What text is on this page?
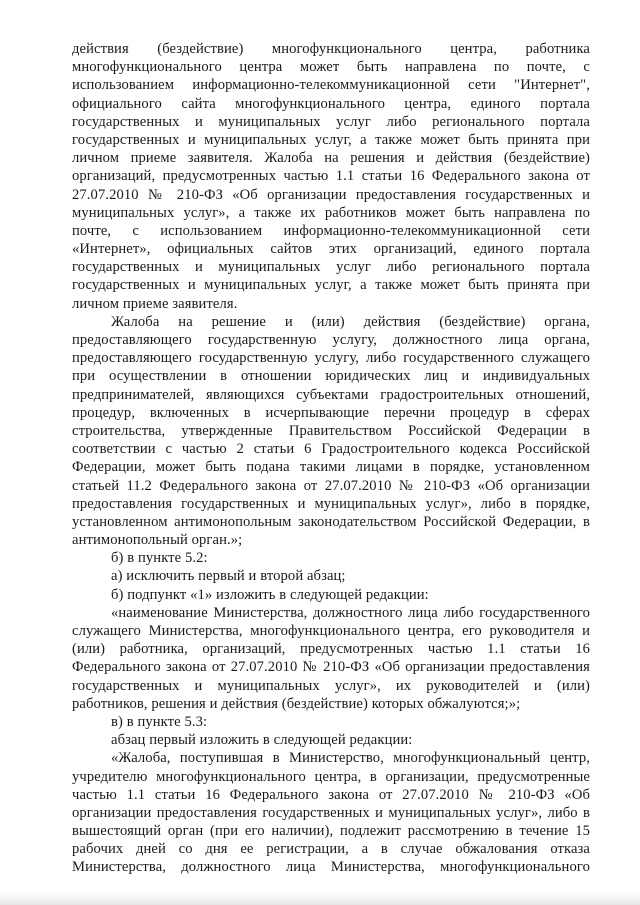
действия (бездействие) многофункционального центра, работника
многофункционального центра может быть направлена по почте, с
использованием информационно-телекоммуникационной сети "Интернет",
официального сайта многофункционального центра, единого портала
государственных и муниципальных услуг либо регионального портала
государственных и муниципальных услуг, а также может быть принята при
личном приеме заявителя. Жалоба на решения и действия (бездействие)
организаций, предусмотренных частью 1.1 статьи 16 Федерального закона от
27.07.2010 № 210-ФЗ «Об организации предоставления государственных и
муниципальных услуг», а также их работников может быть направлена по
почте, с использованием информационно-телекоммуникационной сети
«Интернет», официальных сайтов этих организаций, единого портала
государственных и муниципальных услуг либо регионального портала
государственных и муниципальных услуг, а также может быть принята при
личном приеме заявителя.
Жалоба на решение и (или) действия (бездействие) органа,
предоставляющего государственную услугу, должностного лица органа,
предоставляющего государственную услугу, либо государственного служащего
при осуществлении в отношении юридических лиц и индивидуальных
предпринимателей, являющихся субъектами градостроительных отношений,
процедур, включенных в исчерпывающие перечни процедур в сферах
строительства, утвержденные Правительством Российской Федерации в
соответствии с частью 2 статьи 6 Градостроительного кодекса Российской
Федерации, может быть подана такими лицами в порядке, установленном
статьей 11.2 Федерального закона от 27.07.2010 № 210-ФЗ «Об организации
предоставления государственных и муниципальных услуг», либо в порядке,
установленном антимонопольным законодательством Российской Федерации, в
антимонопольный орган.»;
б) в пункте 5.2:
а) исключить первый и второй абзац;
б) подпункт «1» изложить в следующей редакции:
«наименование Министерства, должностного лица либо государственного
служащего Министерства, многофункционального центра, его руководителя и
(или) работника, организаций, предусмотренных частью 1.1 статьи 16
Федерального закона от 27.07.2010 № 210-ФЗ «Об организации предоставления
государственных и муниципальных услуг», их руководителей и (или)
работников, решения и действия (бездействие) которых обжалуются;»;
в) в пункте 5.3:
абзац первый изложить в следующей редакции:
«Жалоба, поступившая в Министерство, многофункциональный центр,
учредителю многофункционального центра, в организации, предусмотренные
частью 1.1 статьи 16 Федерального закона от 27.07.2010 № 210-ФЗ «Об
организации предоставления государственных и муниципальных услуг», либо в
вышестоящий орган (при его наличии), подлежит рассмотрению в течение 15
рабочих дней со дня ее регистрации, а в случае обжалования отказа
Министерства, должностного лица Министерства, многофункционального
